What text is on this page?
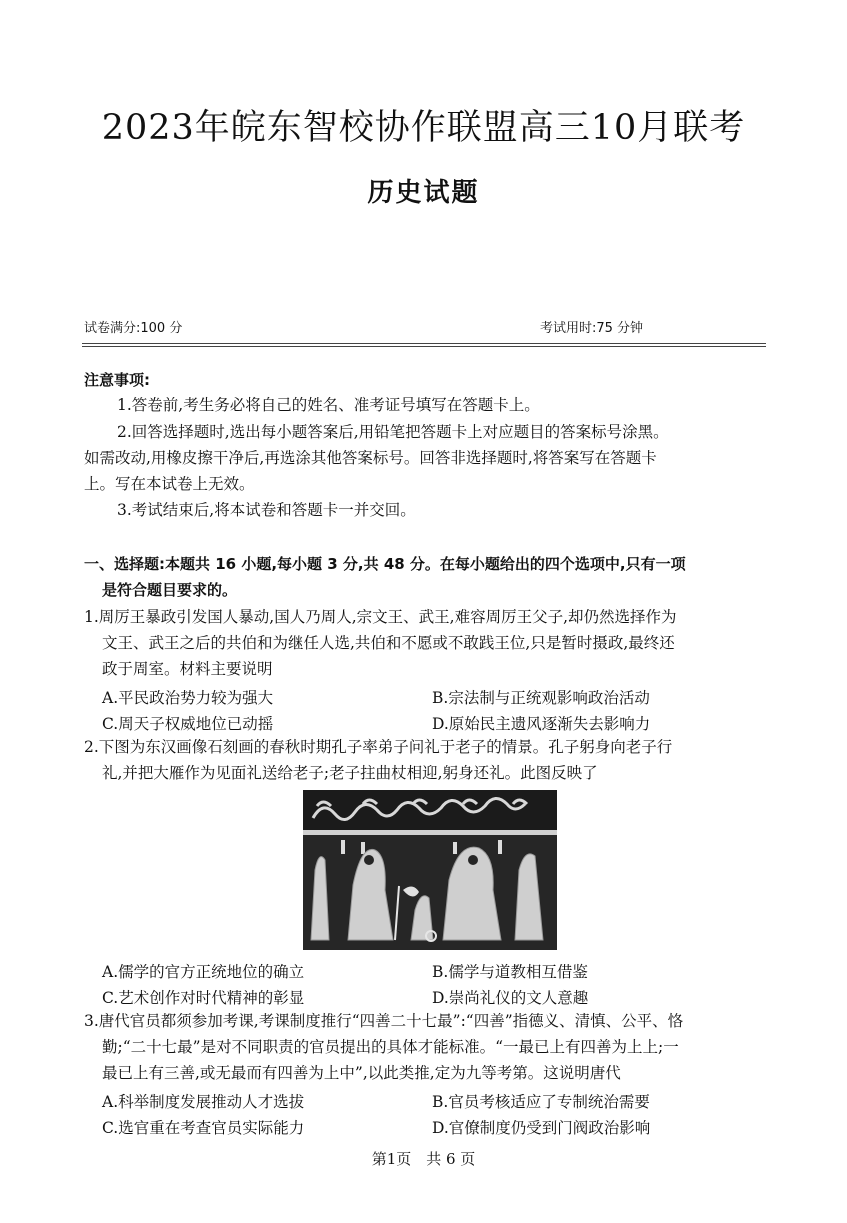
2023年皖东智校协作联盟高三10月联考
历史试题
试卷满分:100 分	考试用时:75 分钟
注意事项:
1.答卷前,考生务必将自己的姓名、准考证号填写在答题卡上。
2.回答选择题时,选出每小题答案后,用铅笔把答题卡上对应题目的答案标号涂黑。
如需改动,用橡皮擦干净后,再选涂其他答案标号。回答非选择题时,将答案写在答题卡
上。写在本试卷上无效。
3.考试结束后,将本试卷和答题卡一并交回。
一、选择题:本题共 16 小题,每小题 3 分,共 48 分。在每小题给出的四个选项中,只有一项
是符合题目要求的。
1.周厉王暴政引发国人暴动,国人乃周人,宗文王、武王,难容周厉王父子,却仍然选择作为
文王、武王之后的共伯和为继任人选,共伯和不愿或不敢践王位,只是暂时摄政,最终还
政于周室。材料主要说明
A.平民政治势力较为强大	B.宗法制与正统观影响政治活动
C.周天子权威地位已动摇	D.原始民主遗风逐渐失去影响力
2.下图为东汉画像石刻画的春秋时期孔子率弟子问礼于老子的情景。孔子躬身向老子行
礼,并把大雁作为见面礼送给老子;老子拄曲杖相迎,躬身还礼。此图反映了
A.儒学的官方正统地位的确立	B.儒学与道教相互借鉴
C.艺术创作对时代精神的彰显	D.崇尚礼仪的文人意趣
3.唐代官员都须参加考课,考课制度推行“四善二十七最”:“四善”指德义、清慎、公平、恪
勤;“二十七最”是对不同职责的官员提出的具体才能标准。“一最已上有四善为上上;一
最已上有三善,或无最而有四善为上中”,以此类推,定为九等考第。这说明唐代
A.科举制度发展推动人才选拔	B.官员考核适应了专制统治需要
C.选官重在考查官员实际能力	D.官僚制度仍受到门阀政治影响
第1页　共 6 页
